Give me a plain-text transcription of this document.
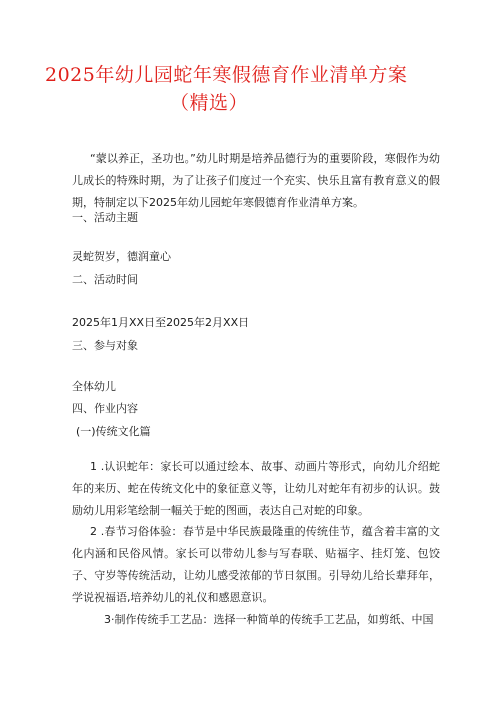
2025年幼儿园蛇年寒假德育作业清单方案
（精选）
“蒙以养正，圣功也。”幼儿时期是培养品德行为的重要阶段，寒假作为幼儿成长的特殊时期，为了让孩子们度过一个充实、快乐且富有教育意义的假期，特制定以下2025年幼儿园蛇年寒假德育作业清单方案。
一、活动主题
灵蛇贺岁，德润童心
二、活动时间
2025年1月XX日至2025年2月XX日
三、参与对象
全体幼儿
四、作业内容
(一)传统文化篇
1 .认识蛇年：家长可以通过绘本、故事、动画片等形式，向幼儿介绍蛇年的来历、蛇在传统文化中的象征意义等，让幼儿对蛇年有初步的认识。鼓励幼儿用彩笔绘制一幅关于蛇的图画，表达自己对蛇的印象。
2 .春节习俗体验：春节是中华民族最隆重的传统佳节，蕴含着丰富的文化内涵和民俗风情。家长可以带幼儿参与写春联、贴福字、挂灯笼、包饺子、守岁等传统活动，让幼儿感受浓郁的节日氛围。引导幼儿给长辈拜年，学说祝福语,培养幼儿的礼仪和感恩意识。
3·制作传统手工艺品：选择一种简单的传统手工艺品，如剪纸、中国
